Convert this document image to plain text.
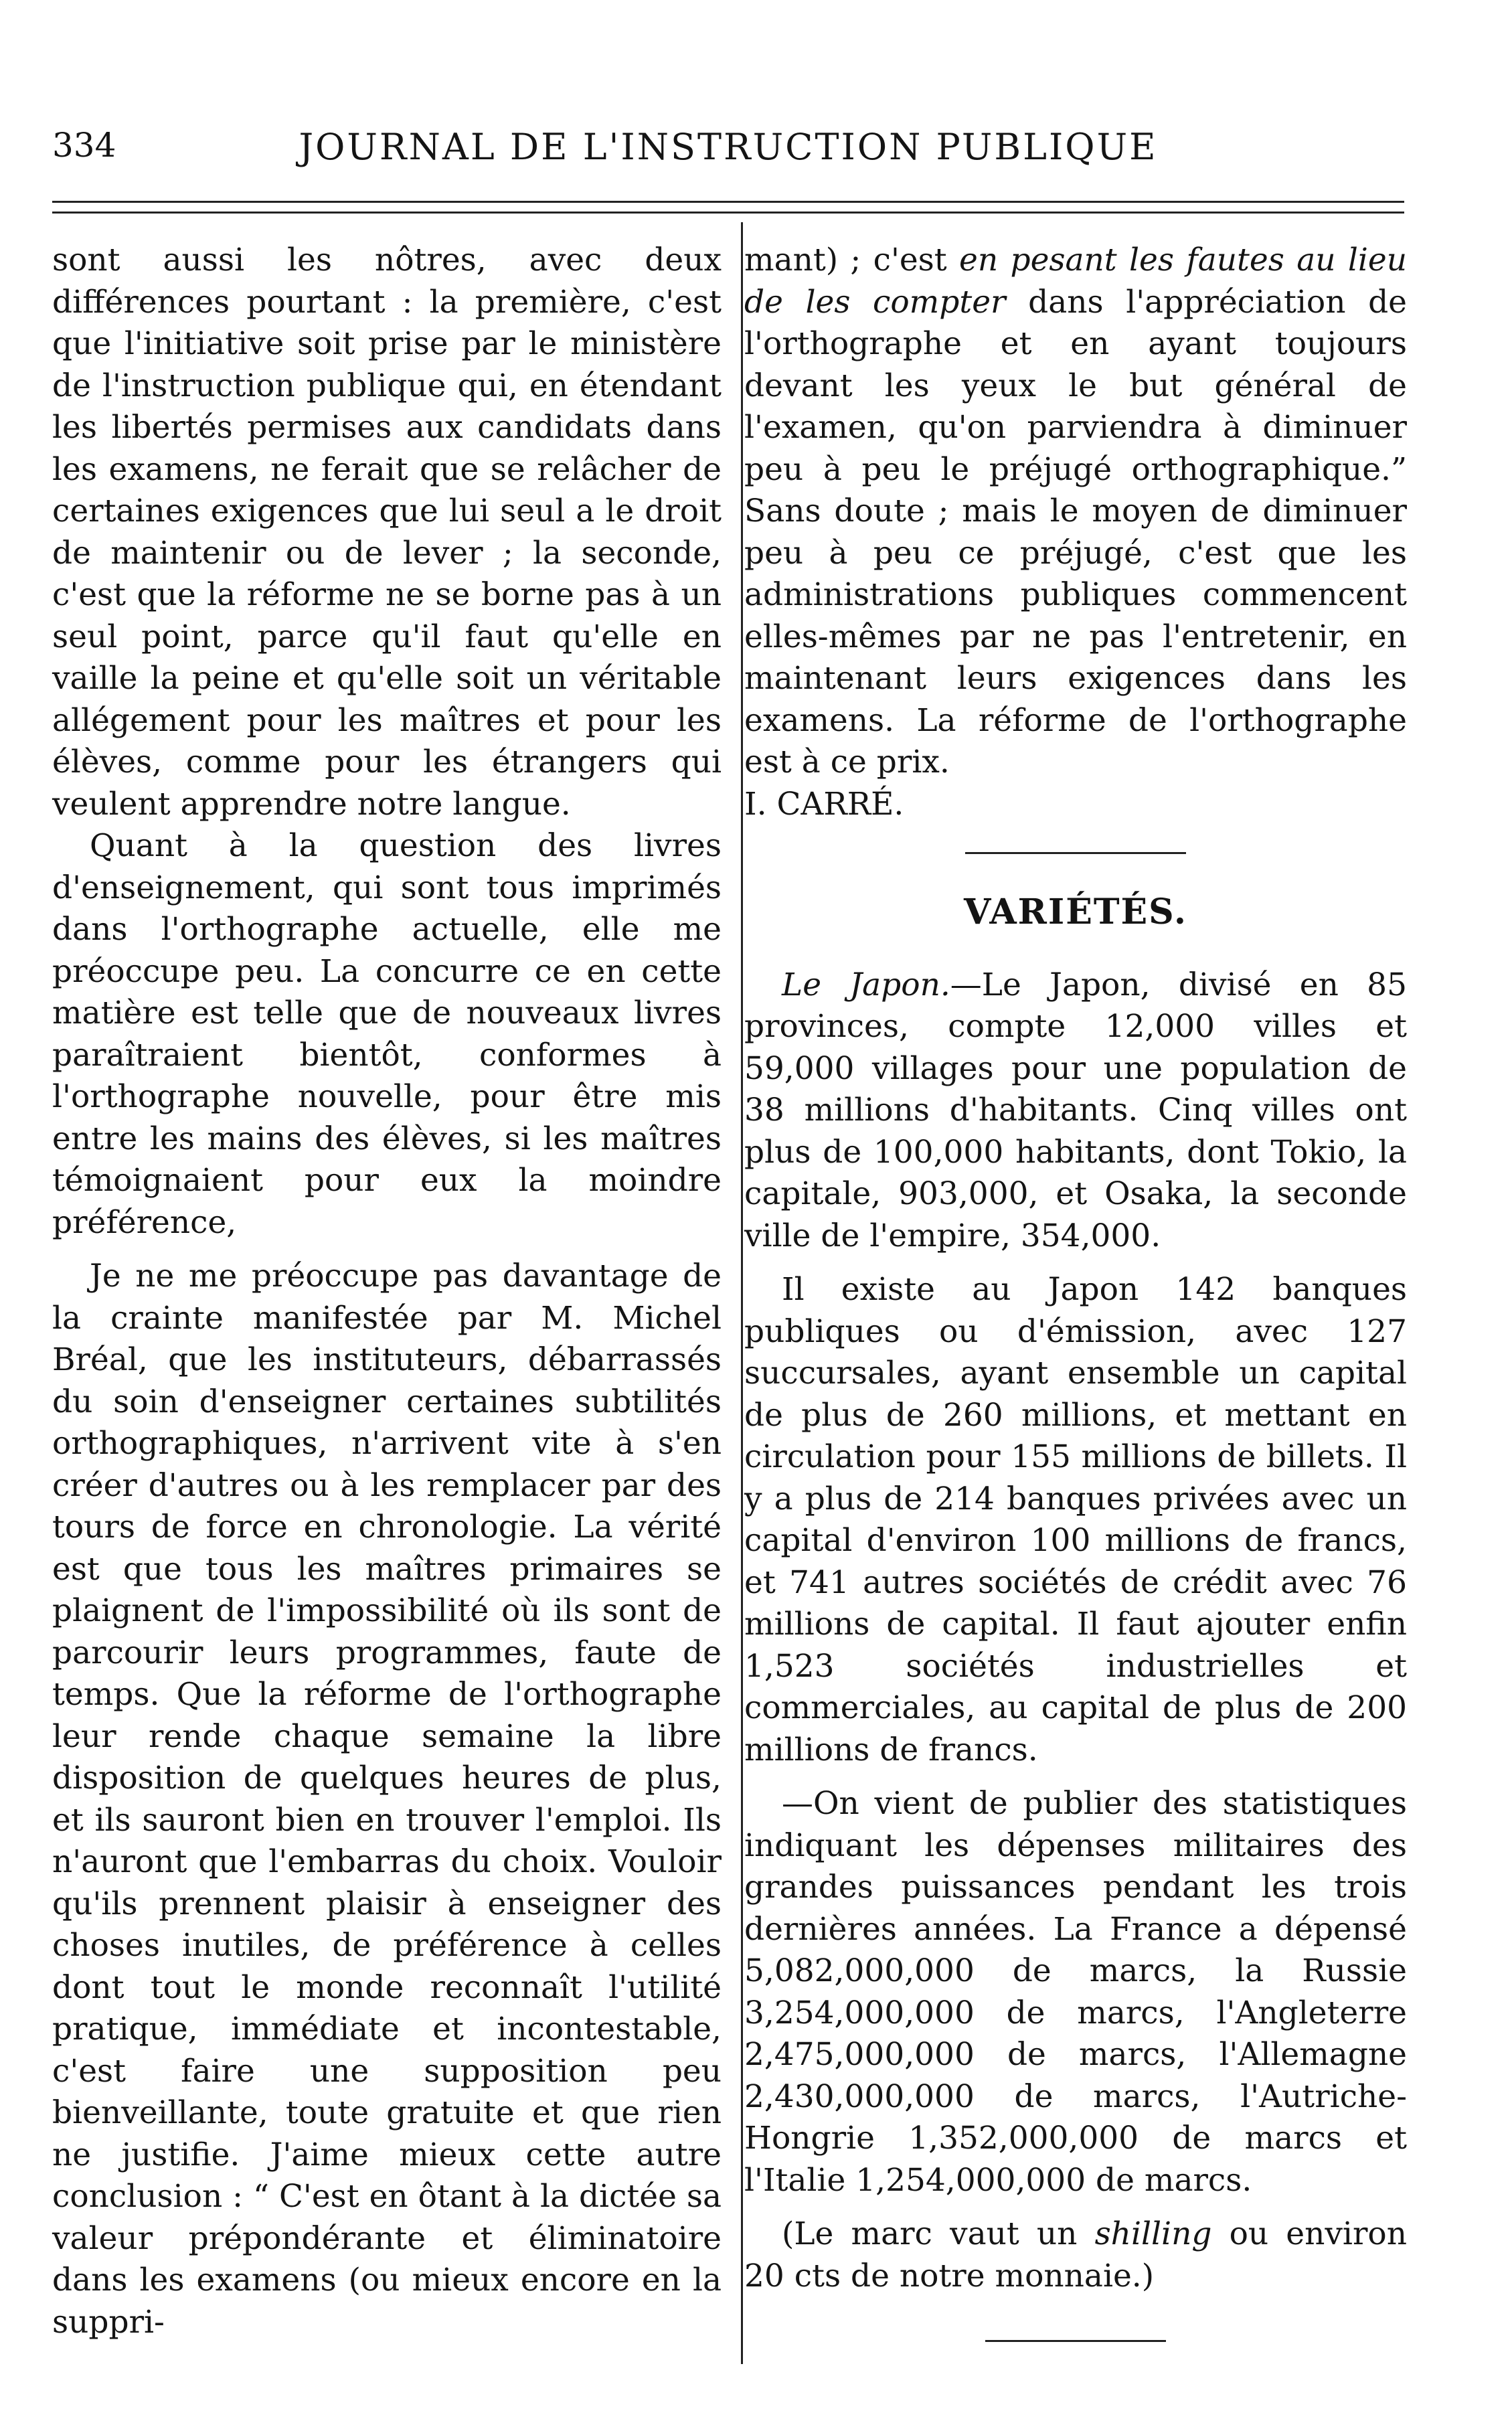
334	JOURNAL DE L'INSTRUCTION PUBLIQUE

sont aussi les nôtres, avec deux différences pourtant : la première, c'est que l'initiative soit prise par le ministère de l'instruction publique qui, en étendant les libertés permises aux candidats dans les examens, ne ferait que se relâcher de certaines exigences que lui seul a le droit de maintenir ou de lever ; la seconde, c'est que la réforme ne se borne pas à un seul point, parce qu'il faut qu'elle en vaille la peine et qu'elle soit un véritable allégement pour les maîtres et pour les élèves, comme pour les étrangers qui veulent apprendre notre langue.

Quant à la question des livres d'enseignement, qui sont tous imprimés dans l'orthographe actuelle, elle me préoccupe peu. La concurre ce en cette matière est telle que de nouveaux livres paraîtraient bientôt, conformes à l'orthographe nouvelle, pour être mis entre les mains des élèves, si les maîtres témoignaient pour eux la moindre préférence,

Je ne me préoccupe pas davantage de la crainte manifestée par M. Michel Bréal, que les instituteurs, débarrassés du soin d'enseigner certaines subtilités orthographiques, n'arrivent vite à s'en créer d'autres ou à les remplacer par des tours de force en chronologie. La vérité est que tous les maîtres primaires se plaignent de l'impossibilité où ils sont de parcourir leurs programmes, faute de temps. Que la réforme de l'orthographe leur rende chaque semaine la libre disposition de quelques heures de plus, et ils sauront bien en trouver l'emploi. Ils n'auront que l'embarras du choix. Vouloir qu'ils prennent plaisir à enseigner des choses inutiles, de préférence à celles dont tout le monde reconnaît l'utilité pratique, immédiate et incontestable, c'est faire une supposition peu bienveillante, toute gratuite et que rien ne justifie. J'aime mieux cette autre conclusion : “ C'est en ôtant à la dictée sa valeur prépondérante et éliminatoire dans les examens (ou mieux encore en la suppri-

mant) ; c'est en pesant les fautes au lieu de les compter dans l'appréciation de l'orthographe et en ayant toujours devant les yeux le but général de l'examen, qu'on parviendra à diminuer peu à peu le préjugé orthographique.” Sans doute ; mais le moyen de diminuer peu à peu ce préjugé, c'est que les administrations publiques commencent elles-mêmes par ne pas l'entretenir, en maintenant leurs exigences dans les examens. La réforme de l'orthographe est à ce prix.

I. CARRÉ.

VARIÉTÉS.

Le Japon.—Le Japon, divisé en 85 provinces, compte 12,000 villes et 59,000 villages pour une population de 38 millions d'habitants. Cinq villes ont plus de 100,000 habitants, dont Tokio, la capitale, 903,000, et Osaka, la seconde ville de l'empire, 354,000.

Il existe au Japon 142 banques publiques ou d'émission, avec 127 succursales, ayant ensemble un capital de plus de 260 millions, et mettant en circulation pour 155 millions de billets. Il y a plus de 214 banques privées avec un capital d'environ 100 millions de francs, et 741 autres sociétés de crédit avec 76 millions de capital. Il faut ajouter enfin 1,523 sociétés industrielles et commerciales, au capital de plus de 200 millions de francs.

—On vient de publier des statistiques indiquant les dépenses militaires des grandes puissances pendant les trois dernières années. La France a dépensé 5,082,000,000 de marcs, la Russie 3,254,000,000 de marcs, l'Angleterre 2,475,000,000 de marcs, l'Allemagne 2,430,000,000 de marcs, l'Autriche-Hongrie 1,352,000,000 de marcs et l'Italie 1,254,000,000 de marcs.

(Le marc vaut un shilling ou environ 20 cts de notre monnaie.)
